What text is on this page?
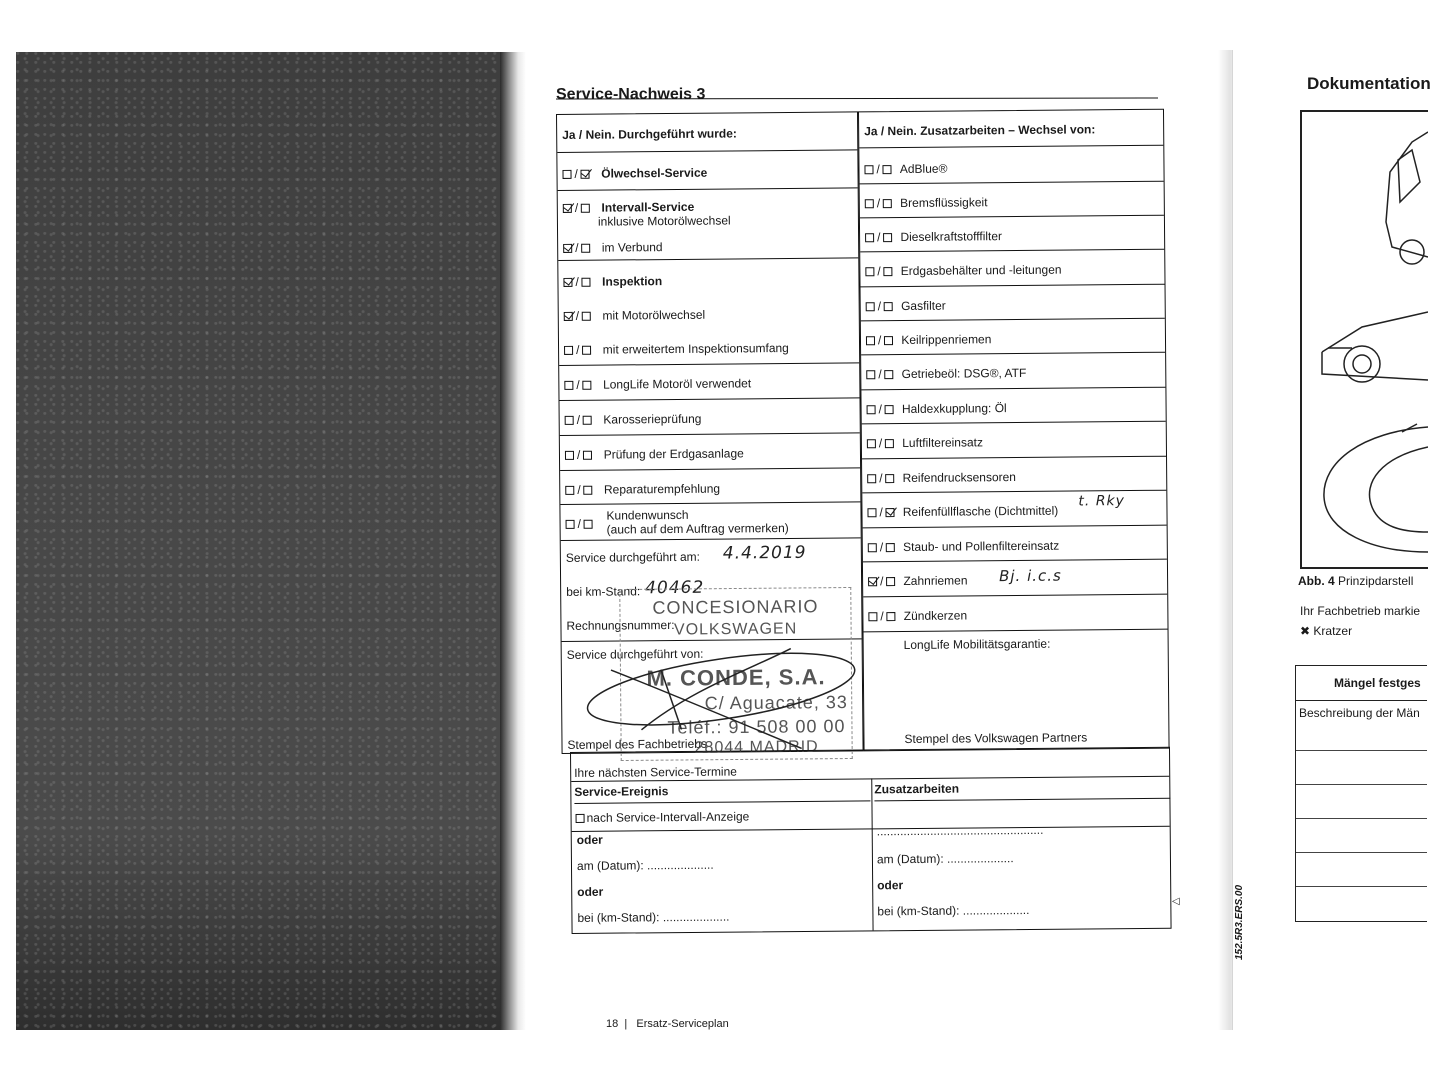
Dokumentation
Abb. 4 Prinzipdarstell
Ihr Fachbetrieb markie
✖ Kratzer
Mängel festges
Beschreibung der Män
152.5R3.ERS.00
◁
Service-Nachweis 3
Ja / Nein. Durchgeführt wurde:
/ Ölwechsel-Service
/ Intervall-Service
inklusive Motorölwechsel
/ im Verbund
/ Inspektion
/ mit Motorölwechsel
/ mit erweitertem Inspektionsumfang
/ LongLife Motoröl verwendet
/ Karosserieprüfung
/ Prüfung der Erdgasanlage
/ Reparaturempfehlung
/
Kundenwunsch
(auch auf dem Auftrag vermerken)
Service durchgeführt am: 4.4.2019
bei km-Stand: 40462
Rechnungsnummer:
Service durchgeführt von:
Stempel des Fachbetriebs
Ja / Nein. Zusatzarbeiten – Wechsel von:
/ AdBlue®
/ Bremsflüssigkeit
/ Dieselkraftstofffilter
/ Erdgasbehälter und -leitungen
/ Gasfilter
/ Keilrippenriemen
/ Getriebeöl: DSG®, ATF
/ Haldexkupplung: Öl
/ Luftfiltereinsatz
/ Reifendrucksensoren
/ Reifenfüllflasche (Dichtmittel)
t. Rky
/ Staub- und Pollenfiltereinsatz
/ Zahnriemen Bj. i.c.s
/ Zündkerzen
LongLife Mobilitätsgarantie:
Stempel des Volkswagen Partners
CONCESIONARIO
VOLKSWAGEN
M. CONDE, S.A.
C/ Aguacate, 33
Teléf.: 91 508 00 00
28044 MADRID
Ihre nächsten Service-Termine
Service-Ereignis	Zusatzarbeiten
nach Service-Intervall-Anzeige
oder
am (Datum): ....................
oder
bei (km-Stand): ....................
..................................................
am (Datum): ....................
oder
bei (km-Stand): ....................
18  |   Ersatz-Serviceplan
